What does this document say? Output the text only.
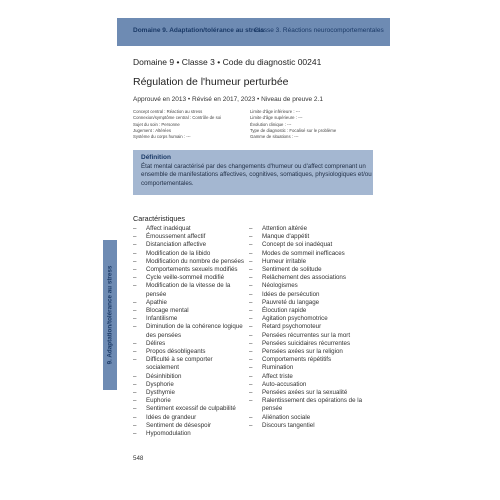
Domaine 9. Adaptation/tolérance au stress
Classe 3. Réactions neurocomportementales
9. Adaptation/tolérance au stress
Domaine 9 • Classe 3 • Code du diagnostic 00241
Régulation de l'humeur perturbée
Approuvé en 2013 • Révisé en 2017, 2023 • Niveau de preuve 2.1
Concept central : Réaction au stress
Connexion/symptôme central : Contrôle de soi
Sujet du soin : Personne
Jugement : Altérées
Système du corps humain : ---
Limite d'âge inférieure : ---
Limite d'âge supérieure : ---
Évolution clinique : ---
Type de diagnostic : Focalisé sur le problème
Gamme de situations : ---
Définition
État mental caractérisé par des changements d'humeur ou d'affect comprenant un ensemble de manifestations affectives, cognitives, somatiques, physiologiques et/ou comportementales.
Caractéristiques
– Affect inadéquat
– Émoussement affectif
– Distanciation affective
– Modification de la libido
– Modification du nombre de pensées
– Comportements sexuels modifiés
– Cycle veille-sommeil modifié
– Modification de la vitesse de la pensée
– Apathie
– Blocage mental
– Infantilisme
– Diminution de la cohérence logique des pensées
– Délires
– Propos désobligeants
– Difficulté à se comporter socialement
– Désinhibition
– Dysphorie
– Dysthymie
– Euphorie
– Sentiment excessif de culpabilité
– Idées de grandeur
– Sentiment de désespoir
– Hypomodulation
– Attention altérée
– Manque d'appétit
– Concept de soi inadéquat
– Modes de sommeil inefficaces
– Humeur irritable
– Sentiment de solitude
– Relâchement des associations
– Néologismes
– Idées de persécution
– Pauvreté du langage
– Élocution rapide
– Agitation psychomotrice
– Retard psychomoteur
– Pensées récurrentes sur la mort
– Pensées suicidaires récurrentes
– Pensées axées sur la religion
– Comportements répétitifs
– Rumination
– Affect triste
– Auto-accusation
– Pensées axées sur la sexualité
– Ralentissement des opérations de la pensée
– Aliénation sociale
– Discours tangentiel
548
